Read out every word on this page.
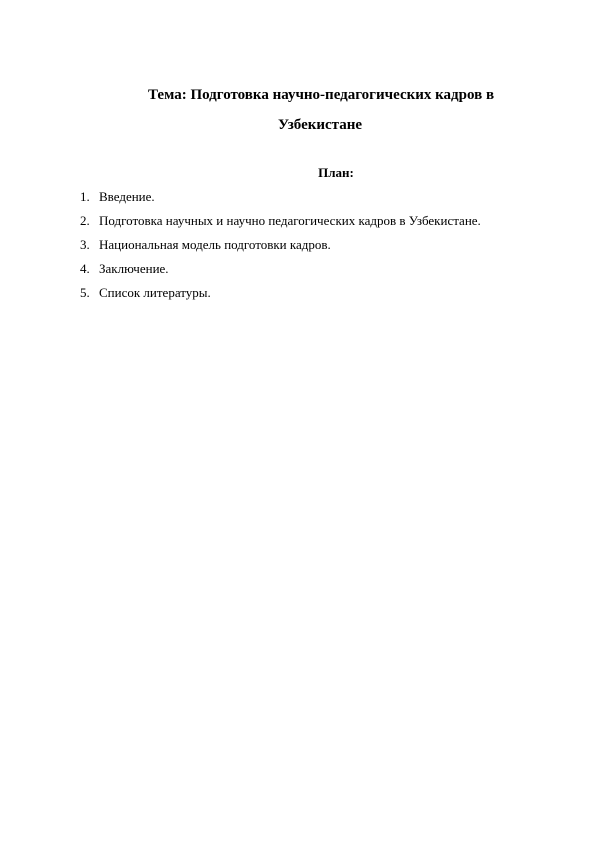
Тема: Подготовка научно-педагогических кадров в
Узбекистане
План:
1. Введение.
2. Подготовка научных и научно педагогических кадров в Узбекистане.
3. Национальная модель подготовки кадров.
4. Заключение.
5. Список литературы.
